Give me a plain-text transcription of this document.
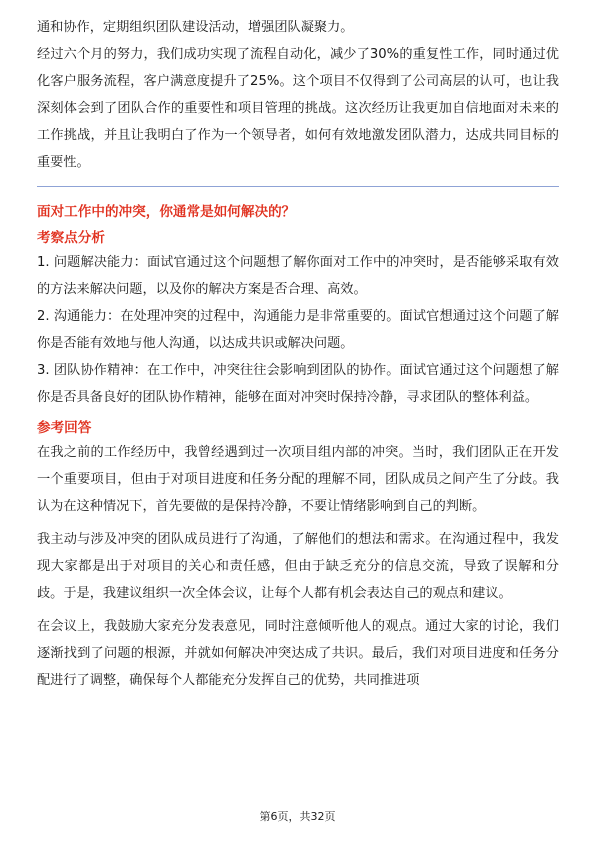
通和协作，定期组织团队建设活动，增强团队凝聚力。

经过六个月的努力，我们成功实现了流程自动化，减少了30%的重复性工作，同时通过优化客户服务流程，客户满意度提升了25%。这个项目不仅得到了公司高层的认可，也让我深刻体会到了团队合作的重要性和项目管理的挑战。这次经历让我更加自信地面对未来的工作挑战，并且让我明白了作为一个领导者，如何有效地激发团队潜力，达成共同目标的重要性。

面对工作中的冲突，你通常是如何解决的？
考察点分析

1. 问题解决能力：面试官通过这个问题想了解你面对工作中的冲突时，是否能够采取有效的方法来解决问题，以及你的解决方案是否合理、高效。

2. 沟通能力：在处理冲突的过程中，沟通能力是非常重要的。面试官想通过这个问题了解你是否能有效地与他人沟通，以达成共识或解决问题。

3. 团队协作精神：在工作中，冲突往往会影响到团队的协作。面试官通过这个问题想了解你是否具备良好的团队协作精神，能够在面对冲突时保持冷静，寻求团队的整体利益。

参考回答

在我之前的工作经历中，我曾经遇到过一次项目组内部的冲突。当时，我们团队正在开发一个重要项目，但由于对项目进度和任务分配的理解不同，团队成员之间产生了分歧。我认为在这种情况下，首先要做的是保持冷静，不要让情绪影响到自己的判断。

我主动与涉及冲突的团队成员进行了沟通，了解他们的想法和需求。在沟通过程中，我发现大家都是出于对项目的关心和责任感，但由于缺乏充分的信息交流，导致了误解和分歧。于是，我建议组织一次全体会议，让每个人都有机会表达自己的观点和建议。

在会议上，我鼓励大家充分发表意见，同时注意倾听他人的观点。通过大家的讨论，我们逐渐找到了问题的根源，并就如何解决冲突达成了共识。最后，我们对项目进度和任务分配进行了调整，确保每个人都能充分发挥自己的优势，共同推进项

第6页，共32页
